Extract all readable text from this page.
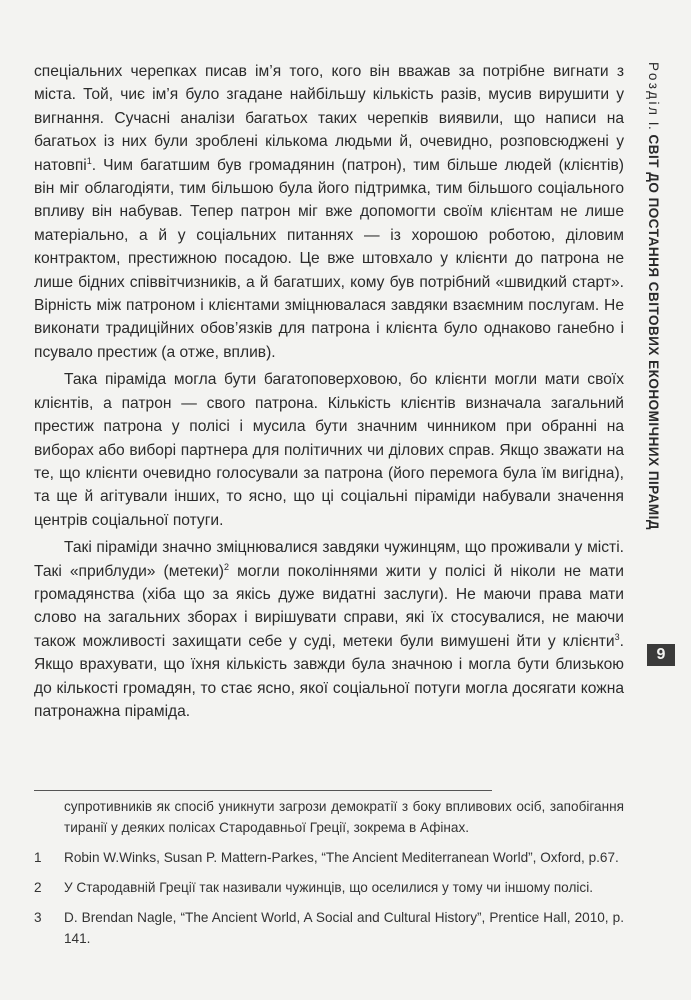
спеціальних черепках писав ім’я того, кого він вважав за потрібне вигнати з міста. Той, чиє ім’я було згадане найбільшу кількість разів, мусив вирушити у вигнання. Сучасні аналізи багатьох таких черепків виявили, що написи на багатьох із них були зроблені кількома людьми й, очевидно, розповсюджені у натовпі$^1$. Чим багатшим був громадянин (патрон), тим більше людей (клієнтів) він міг облагодіяти, тим більшою була його підтримка, тим більшого соціального впливу він набував. Тепер патрон міг вже допомогти своїм клієнтам не лише матеріально, а й у соціальних питаннях — із хорошою роботою, діловим контрактом, престижною посадою. Це вже штовхало у клієнти до патрона не лише бідних співвітчизників, а й багатших, кому був потрібний «швидкий старт». Вірність між патроном і клієнтами зміцнювалася завдяки взаємним послугам. Не виконати традиційних обов’язків для патрона і клієнта було однаково ганебно і псувало престиж (а отже, вплив).

Така піраміда могла бути багатоповерховою, бо клієнти могли мати своїх клієнтів, а патрон — свого патрона. Кількість клієнтів визначала загальний престиж патрона у полісі і мусила бути значним чинником при обранні на виборах або виборі партнера для політичних чи ділових справ. Якщо зважати на те, що клієнти очевидно голосували за патрона (його перемога була їм вигідна), та ще й агітували інших, то ясно, що ці соціальні піраміди набували значення центрів соціальної потуги.

Такі піраміди значно зміцнювалися завдяки чужинцям, що проживали у місті. Такі «приблуди» (метеки)$^2$ могли поколіннями жити у полісі й ніколи не мати громадянства (хіба що за якісь дуже видатні заслуги). Не маючи права мати слово на загальних зборах і вирішувати справи, які їх стосувалися, не маючи також можливості захищати себе у суді, метеки були вимушені йти у клієнти$^3$. Якщо врахувати, що їхня кількість завжди була значною і могла бути близькою до кількості громадян, то стає ясно, якої соціальної потуги могла досягати кожна патронажна піраміда.

Розділ І. СВІТ ДО ПОСТАННЯ СВІТОВИХ ЕКОНОМІЧНИХ ПІРАМІД
9

супротивників як спосіб уникнути загрози демократії з боку впливових осіб, запобігання тиранії у деяких полісах Стародавньої Греції, зокрема в Афінах.

1	Robin W.Winks, Susan P. Mattern-Parkes, “The Ancient Mediterranean World”, Oxford, p.67.
2	У Стародавній Греції так називали чужинців, що оселилися у тому чи іншому полісі.
3	D. Brendan Nagle, “The Ancient World, A Social and Cultural History”, Prentice Hall, 2010, p. 141.
